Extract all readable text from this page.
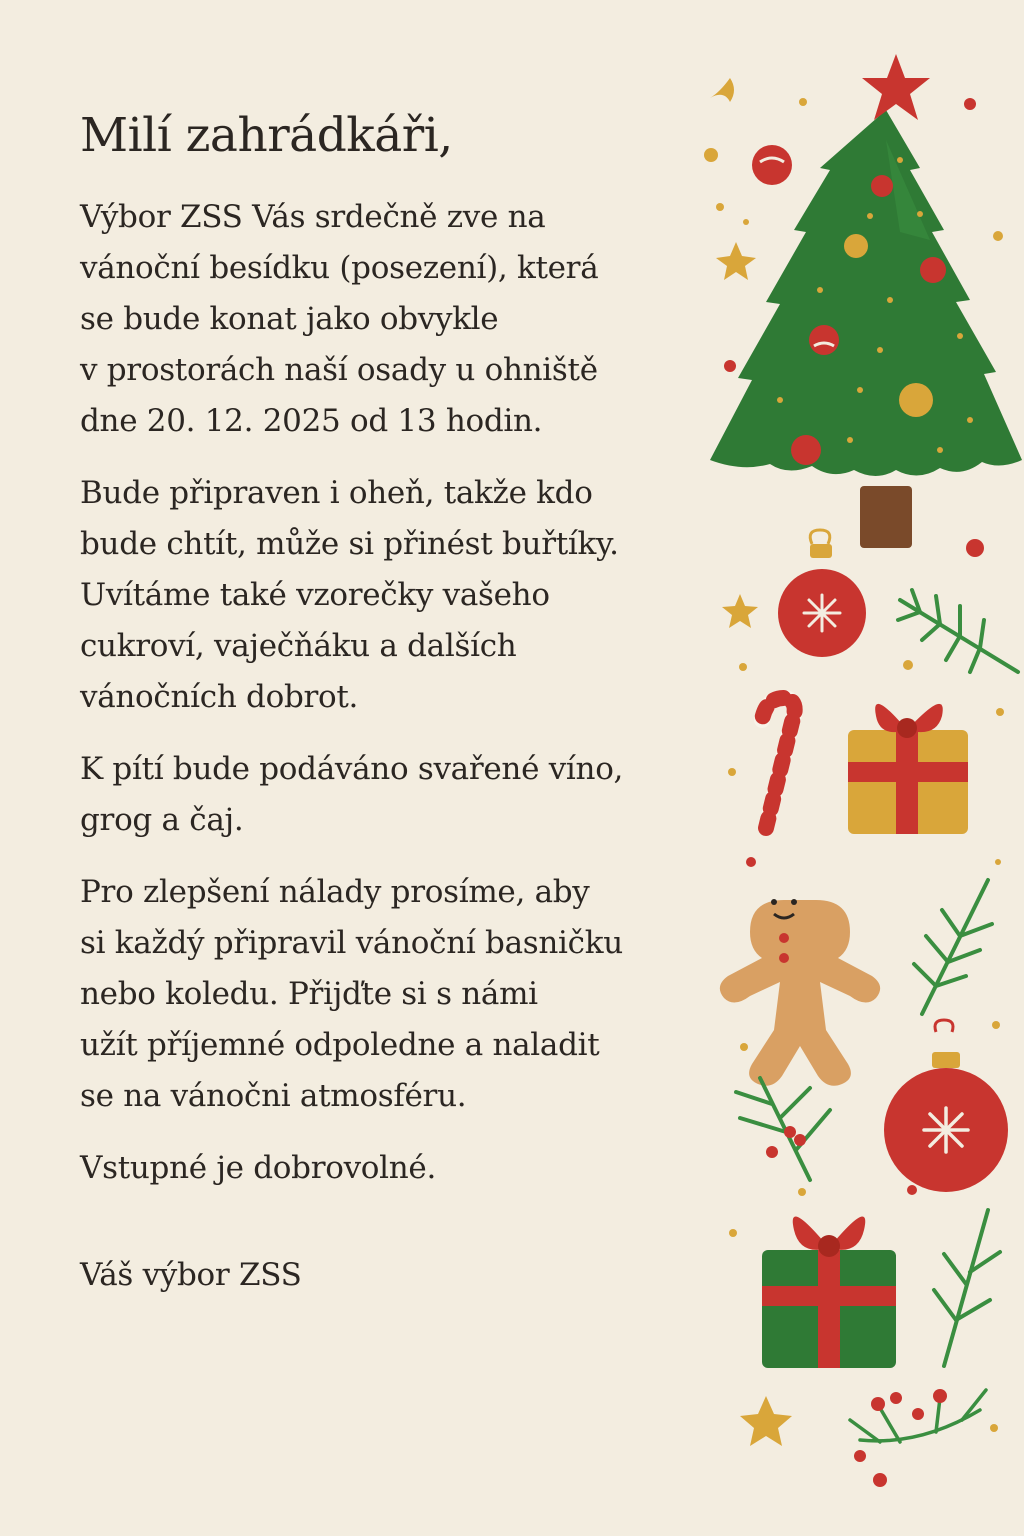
Milí zahrádkáři,

Výbor ZSS Vás srdečně zve na
vánoční besídku (posezení), která
se bude konat jako obvykle
v prostorách naší osady u ohniště
dne 20. 12. 2025 od 13 hodin.

Bude připraven i oheň, takže kdo
bude chtít, může si přinést buřtíky.
Uvítáme také vzorečky vašeho
cukroví, vaječňáku a dalších
vánočních dobrot.

K pítí bude podáváno svařené víno,
grog a čaj.

Pro zlepšení nálady prosíme, aby
si každý připravil vánoční basničku
nebo koledu. Přijďte si s námi
užít příjemné odpoledne a naladit
se na vánočni atmosféru.

Vstupné je dobrovolné.

Váš výbor ZSS
